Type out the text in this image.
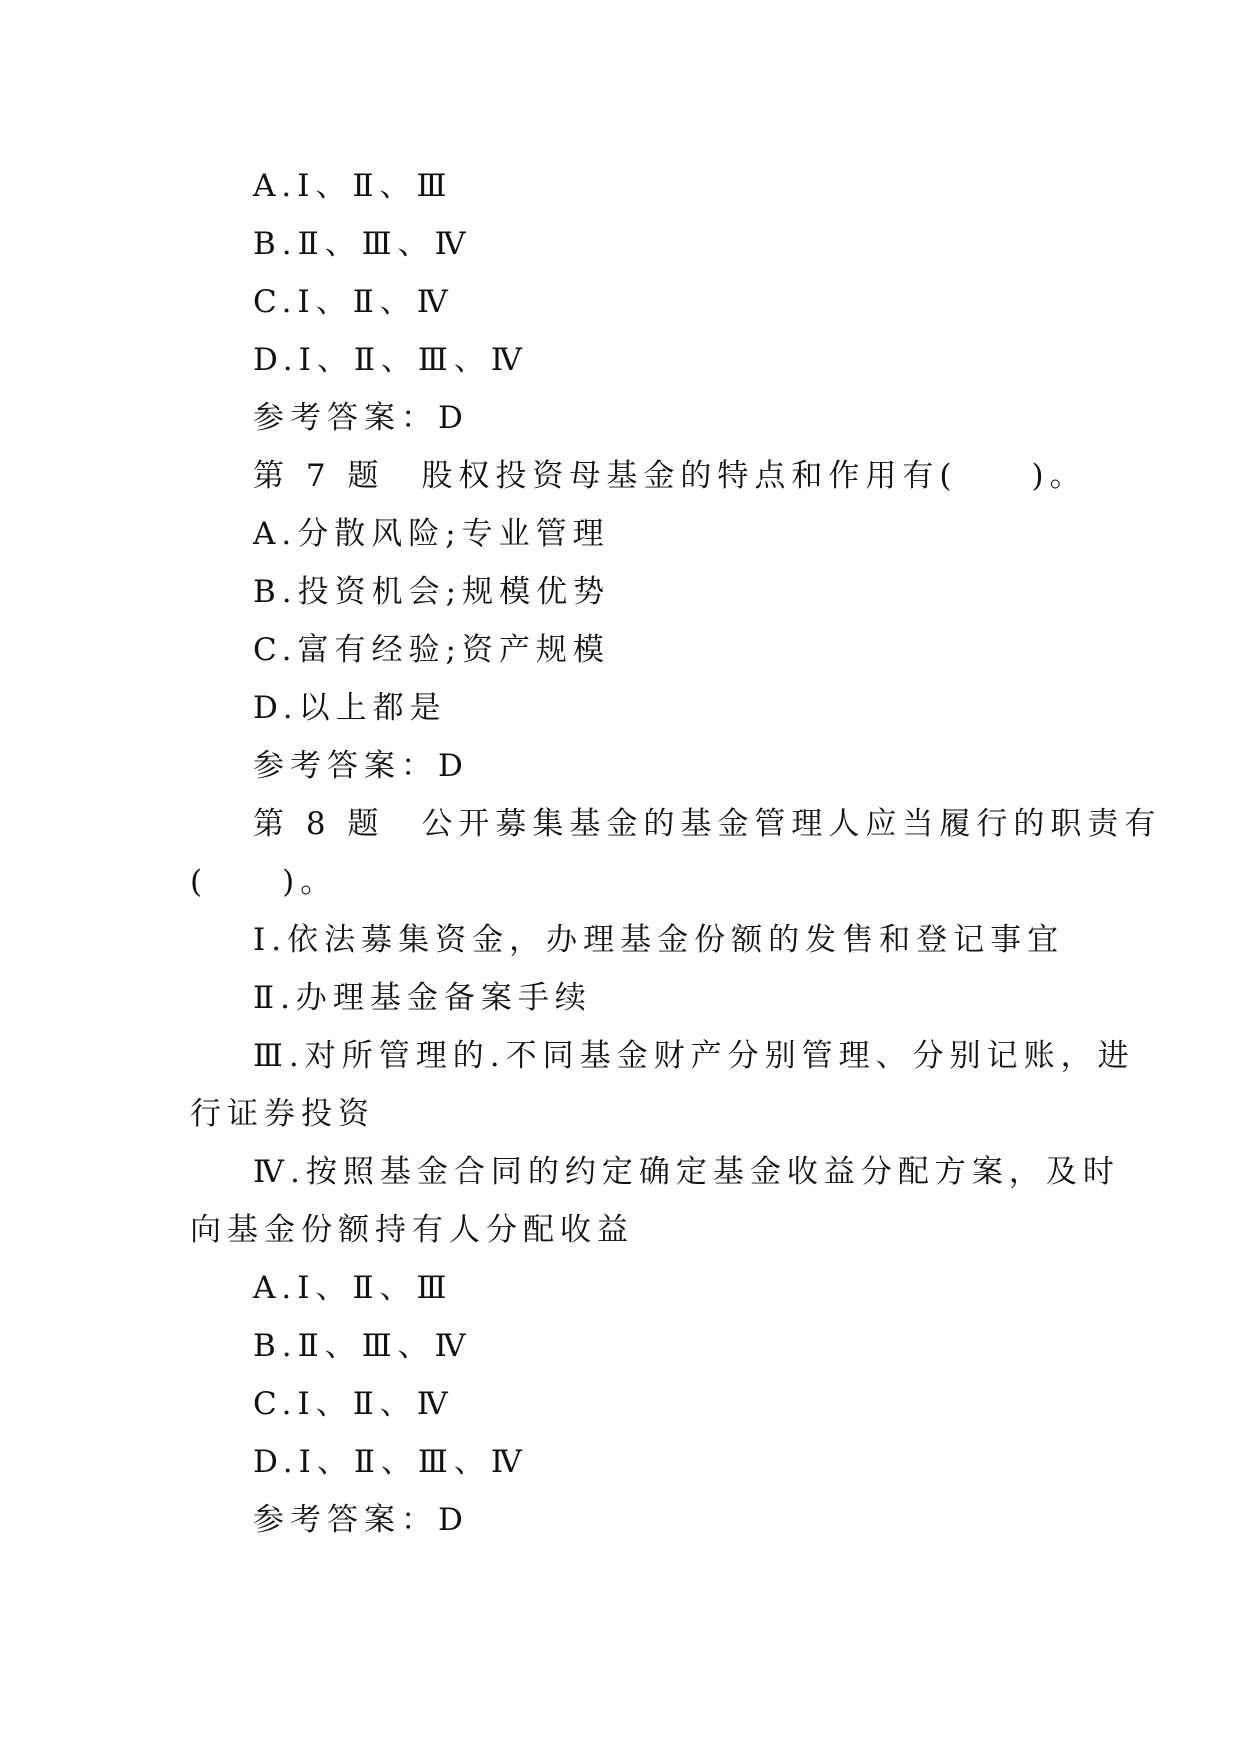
A.Ⅰ、Ⅱ、Ⅲ
B.Ⅱ、Ⅲ、Ⅳ
C.Ⅰ、Ⅱ、Ⅳ
D.Ⅰ、Ⅱ、Ⅲ、Ⅳ
参考答案：D
第 7 题　股权投资母基金的特点和作用有(　　)。
A.分散风险;专业管理
B.投资机会;规模优势
C.富有经验;资产规模
D.以上都是
参考答案：D
第 8 题　公开募集基金的基金管理人应当履行的职责有
(　　)。
Ⅰ.依法募集资金，办理基金份额的发售和登记事宜
Ⅱ.办理基金备案手续
Ⅲ.对所管理的.不同基金财产分别管理、分别记账，进
行证券投资
Ⅳ.按照基金合同的约定确定基金收益分配方案，及时
向基金份额持有人分配收益
A.Ⅰ、Ⅱ、Ⅲ
B.Ⅱ、Ⅲ、Ⅳ
C.Ⅰ、Ⅱ、Ⅳ
D.Ⅰ、Ⅱ、Ⅲ、Ⅳ
参考答案：D
